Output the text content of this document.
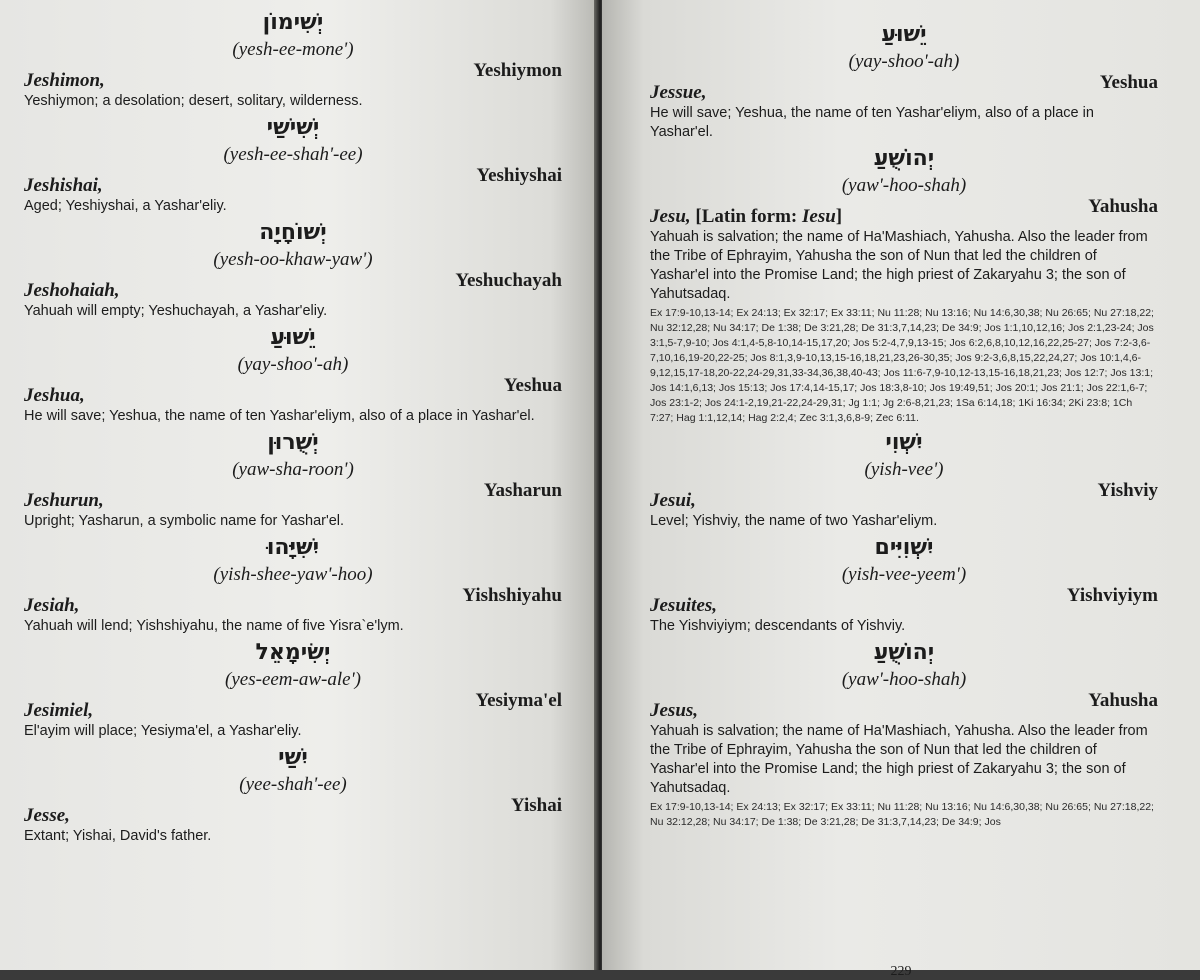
יְשִׁימוֹן
(yesh-ee-mone')
Jeshimon,	Yeshiymon
Yeshiymon; a desolation; desert, solitary, wilderness.
יְשִׁישַׁי
(yesh-ee-shah'-ee)
Jeshishai,	Yeshiyshai
Aged; Yeshiyshai, a Yashar'eliy.
יְשׁוֹחָיָה
(yesh-oo-khaw-yaw')
Jeshohaiah,	Yeshuchayah
Yahuah will empty; Yeshuchayah, a Yashar'eliy.
יֵשׁוּעַ
(yay-shoo'-ah)
Jeshua,	Yeshua
He will save; Yeshua, the name of ten Yashar'eliym, also of a place in Yashar'el.
יְשֻׁרוּן
(yaw-sha-roon')
Jeshurun,	Yasharun
Upright; Yasharun, a symbolic name for Yashar'el.
יִשִּׁיָּהוּ
(yish-shee-yaw'-hoo)
Jesiah,	Yishshiyahu
Yahuah will lend; Yishshiyahu, the name of five Yisra`e'lym.
יְשִׂימָאֵל
(yes-eem-aw-ale')
Jesimiel,	Yesiyma'el
El'ayim will place; Yesiyma'el, a Yashar'eliy.
יִשַׁי
(yee-shah'-ee)
Jesse,	Yishai
Extant; Yishai, David's father.
יֵשׁוּעַ
(yay-shoo'-ah)
Jessue,	Yeshua
He will save; Yeshua, the name of ten Yashar'eliym, also of a place in Yashar'el.
יְהוֹשֻׁעַ
(yaw'-hoo-shah)
Jesu, [Latin form: Iesu]	Yahusha
Yahuah is salvation; the name of Ha'Mashiach, Yahusha. Also the leader from the Tribe of Ephrayim, Yahusha the son of Nun that led the children of Yashar'el into the Promise Land; the high priest of Zakaryahu 3; the son of Yahutsadaq.
Ex 17:9-10,13-14; Ex 24:13; Ex 32:17; Ex 33:11; Nu 11:28; Nu 13:16; Nu 14:6,30,38; Nu 26:65; Nu 27:18,22; Nu 32:12,28; Nu 34:17; De 1:38; De 3:21,28; De 31:3,7,14,23; De 34:9; Jos 1:1,10,12,16; Jos 2:1,23-24; Jos 3:1,5-7,9-10; Jos 4:1,4-5,8-10,14-15,17,20; Jos 5:2-4,7,9,13-15; Jos 6:2,6,8,10,12,16,22,25-27; Jos 7:2-3,6-7,10,16,19-20,22-25; Jos 8:1,3,9-10,13,15-16,18,21,23,26-30,35; Jos 9:2-3,6,8,15,22,24,27; Jos 10:1,4,6-9,12,15,17-18,20-22,24-29,31,33-34,36,38,40-43; Jos 11:6-7,9-10,12-13,15-16,18,21,23; Jos 12:7; Jos 13:1; Jos 14:1,6,13; Jos 15:13; Jos 17:4,14-15,17; Jos 18:3,8-10; Jos 19:49,51; Jos 20:1; Jos 21:1; Jos 22:1,6-7; Jos 23:1-2; Jos 24:1-2,19,21-22,24-29,31; Jg 1:1; Jg 2:6-8,21,23; 1Sa 6:14,18; 1Ki 16:34; 2Ki 23:8; 1Ch 7:27; Hag 1:1,12,14; Hag 2:2,4; Zec 3:1,3,6,8-9; Zec 6:11.
יִשְׁוִי
(yish-vee')
Jesui,	Yishviy
Level; Yishviy, the name of two Yashar'eliym.
יִשְׁוִיִּים
(yish-vee-yeem')
Jesuites,	Yishviyiym
The Yishviyiym; descendants of Yishviy.
יְהוֹשֻׁעַ
(yaw'-hoo-shah)
Jesus,	Yahusha
Yahuah is salvation; the name of Ha'Mashiach, Yahusha. Also the leader from the Tribe of Ephrayim, Yahusha the son of Nun that led the children of Yashar'el into the Promise Land; the high priest of Zakaryahu 3; the son of Yahutsadaq.
Ex 17:9-10,13-14; Ex 24:13; Ex 32:17; Ex 33:11; Nu 11:28; Nu 13:16; Nu 14:6,30,38; Nu 26:65; Nu 27:18,22; Nu 32:12,28; Nu 34:17; De 1:38; De 3:21,28; De 31:3,7,14,23; De 34:9; Jos
229
